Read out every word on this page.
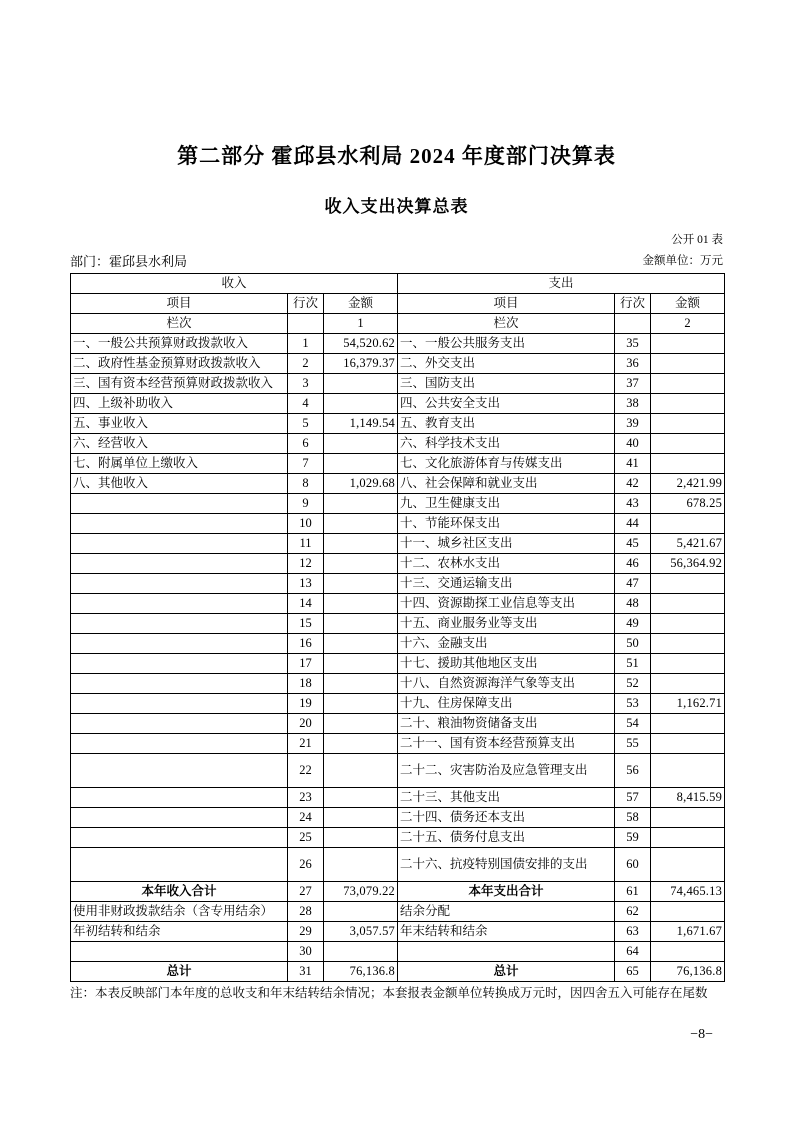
第二部分 霍邱县水利局 2024 年度部门决算表
收入支出决算总表
公开 01 表
部门：霍邱县水利局	金额单位：万元
收入			支出		
项目	行次	金额	项目	行次	金额
栏次		1	栏次		2
一、一般公共预算财政拨款收入	1	54,520.62	一、一般公共服务支出	35	
二、政府性基金预算财政拨款收入	2	16,379.37	二、外交支出	36	
三、国有资本经营预算财政拨款收入	3		三、国防支出	37	
四、上级补助收入	4		四、公共安全支出	38	
五、事业收入	5	1,149.54	五、教育支出	39	
六、经营收入	6		六、科学技术支出	40	
七、附属单位上缴收入	7		七、文化旅游体育与传媒支出	41	
八、其他收入	8	1,029.68	八、社会保障和就业支出	42	2,421.99
	9		九、卫生健康支出	43	678.25
	10		十、节能环保支出	44	
	11		十一、城乡社区支出	45	5,421.67
	12		十二、农林水支出	46	56,364.92
	13		十三、交通运输支出	47	
	14		十四、资源勘探工业信息等支出	48	
	15		十五、商业服务业等支出	49	
	16		十六、金融支出	50	
	17		十七、援助其他地区支出	51	
	18		十八、自然资源海洋气象等支出	52	
	19		十九、住房保障支出	53	1,162.71
	20		二十、粮油物资储备支出	54	
	21		二十一、国有资本经营预算支出	55	
	22		二十二、灾害防治及应急管理支出	56	
	23		二十三、其他支出	57	8,415.59
	24		二十四、债务还本支出	58	
	25		二十五、债务付息支出	59	
	26		二十六、抗疫特别国债安排的支出	60	
本年收入合计	27	73,079.22	本年支出合计	61	74,465.13
使用非财政拨款结余（含专用结余）	28		结余分配	62	
年初结转和结余	29	3,057.57	年末结转和结余	63	1,671.67
	30			64	
总计	31	76,136.8	总计	65	76,136.8
注：本表反映部门本年度的总收支和年末结转结余情况；本套报表金额单位转换成万元时，因四舍五入可能存在尾数
−8−
